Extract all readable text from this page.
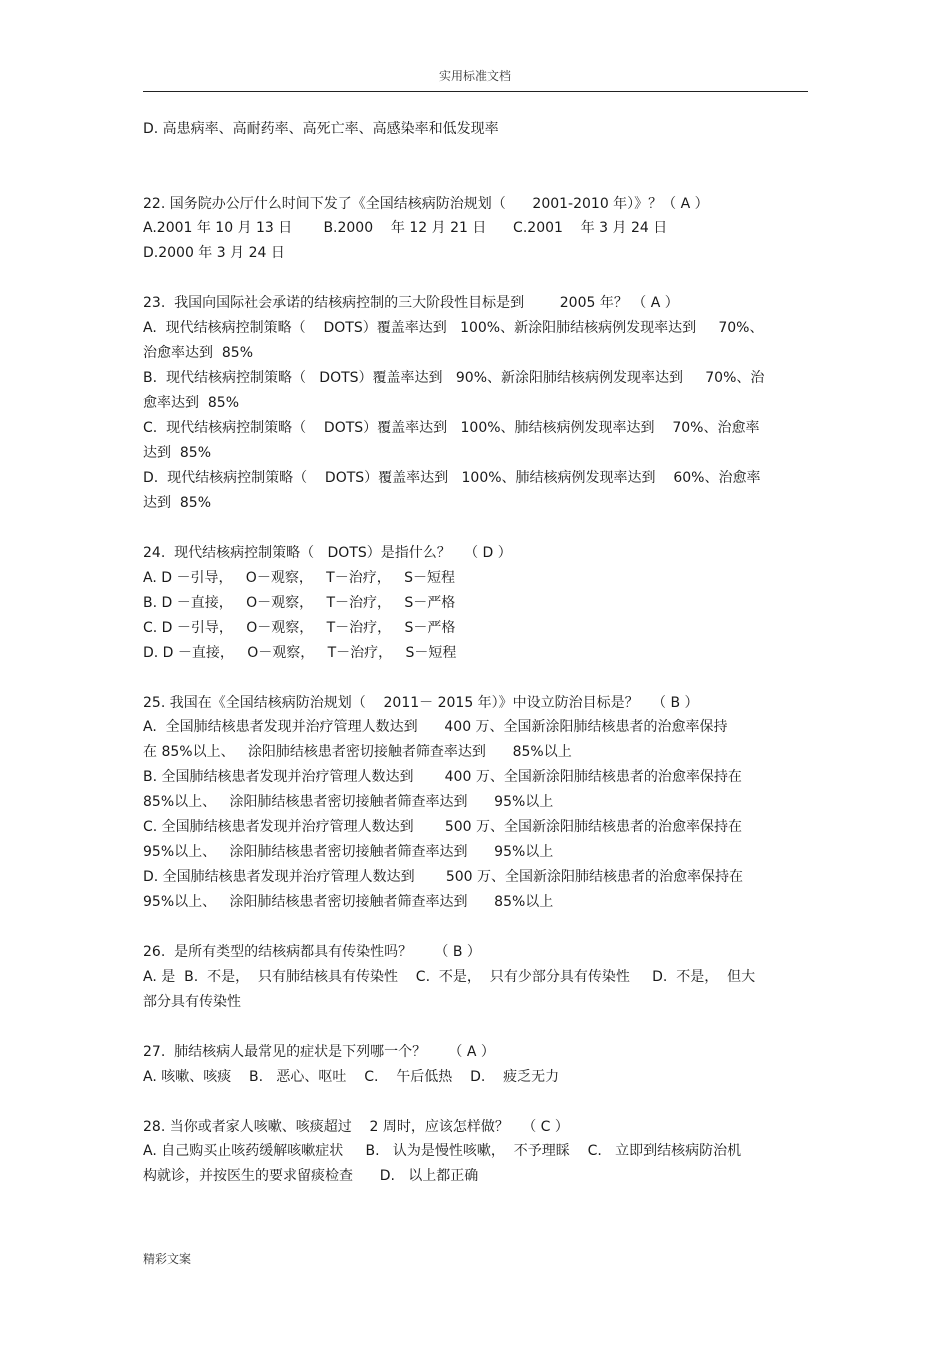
实用标准文档
D. 高患病率、高耐药率、高死亡率、高感染率和低发现率
22. 国务院办公厅什么时间下发了《全国结核病防治规划（      2001-2010 年）》？（ A ）
A.2001 年 10 月 13 日       B.2000    年 12 月 21 日      C.2001    年 3 月 24 日
D.2000 年 3 月 24 日
23.  我国向国际社会承诺的结核病控制的三大阶段性目标是到        2005 年？ （ A ）
A.  现代结核病控制策略（    DOTS）覆盖率达到   100%、新涂阳肺结核病例发现率达到     70%、
治愈率达到  85%
B.  现代结核病控制策略（   DOTS）覆盖率达到   90%、新涂阳肺结核病例发现率达到     70%、治
愈率达到  85%
C.  现代结核病控制策略（    DOTS）覆盖率达到   100%、肺结核病例发现率达到    70%、治愈率
达到  85%
D.  现代结核病控制策略（    DOTS）覆盖率达到   100%、肺结核病例发现率达到    60%、治愈率
达到  85%
24.  现代结核病控制策略（   DOTS）是指什么？   （ D ）
A. D －引导，   O－观察，   T－治疗，   S－短程
B. D －直接，   O－观察，   T－治疗，   S－严格
C. D －引导，   O－观察，   T－治疗，   S－严格
D. D －直接，   O－观察，   T－治疗，   S－短程
25. 我国在《全国结核病防治规划（    2011－ 2015 年）》中设立防治目标是？   （ B ）
A.  全国肺结核患者发现并治疗管理人数达到      400 万、全国新涂阳肺结核患者的治愈率保持
在 85%以上、   涂阳肺结核患者密切接触者筛查率达到      85%以上
B. 全国肺结核患者发现并治疗管理人数达到       400 万、全国新涂阳肺结核患者的治愈率保持在
85%以上、   涂阳肺结核患者密切接触者筛查率达到      95%以上
C. 全国肺结核患者发现并治疗管理人数达到       500 万、全国新涂阳肺结核患者的治愈率保持在
95%以上、   涂阳肺结核患者密切接触者筛查率达到      95%以上
D. 全国肺结核患者发现并治疗管理人数达到       500 万、全国新涂阳肺结核患者的治愈率保持在
95%以上、   涂阳肺结核患者密切接触者筛查率达到      85%以上
26.  是所有类型的结核病都具有传染性吗？     （ B ）
A. 是  B.  不是，  只有肺结核具有传染性    C.  不是，  只有少部分具有传染性     D.  不是，  但大
部分具有传染性
27.  肺结核病人最常见的症状是下列哪一个？     （ A ）
A. 咳嗽、咳痰    B.   恶心、呕吐    C.    午后低热    D.    疲乏无力
28. 当你或者家人咳嗽、咳痰超过    2 周时，应该怎样做？   （ C ）
A. 自己购买止咳药缓解咳嗽症状     B.   认为是慢性咳嗽，  不予理睬    C.   立即到结核病防治机
构就诊，并按医生的要求留痰检查      D.   以上都正确
精彩文案
